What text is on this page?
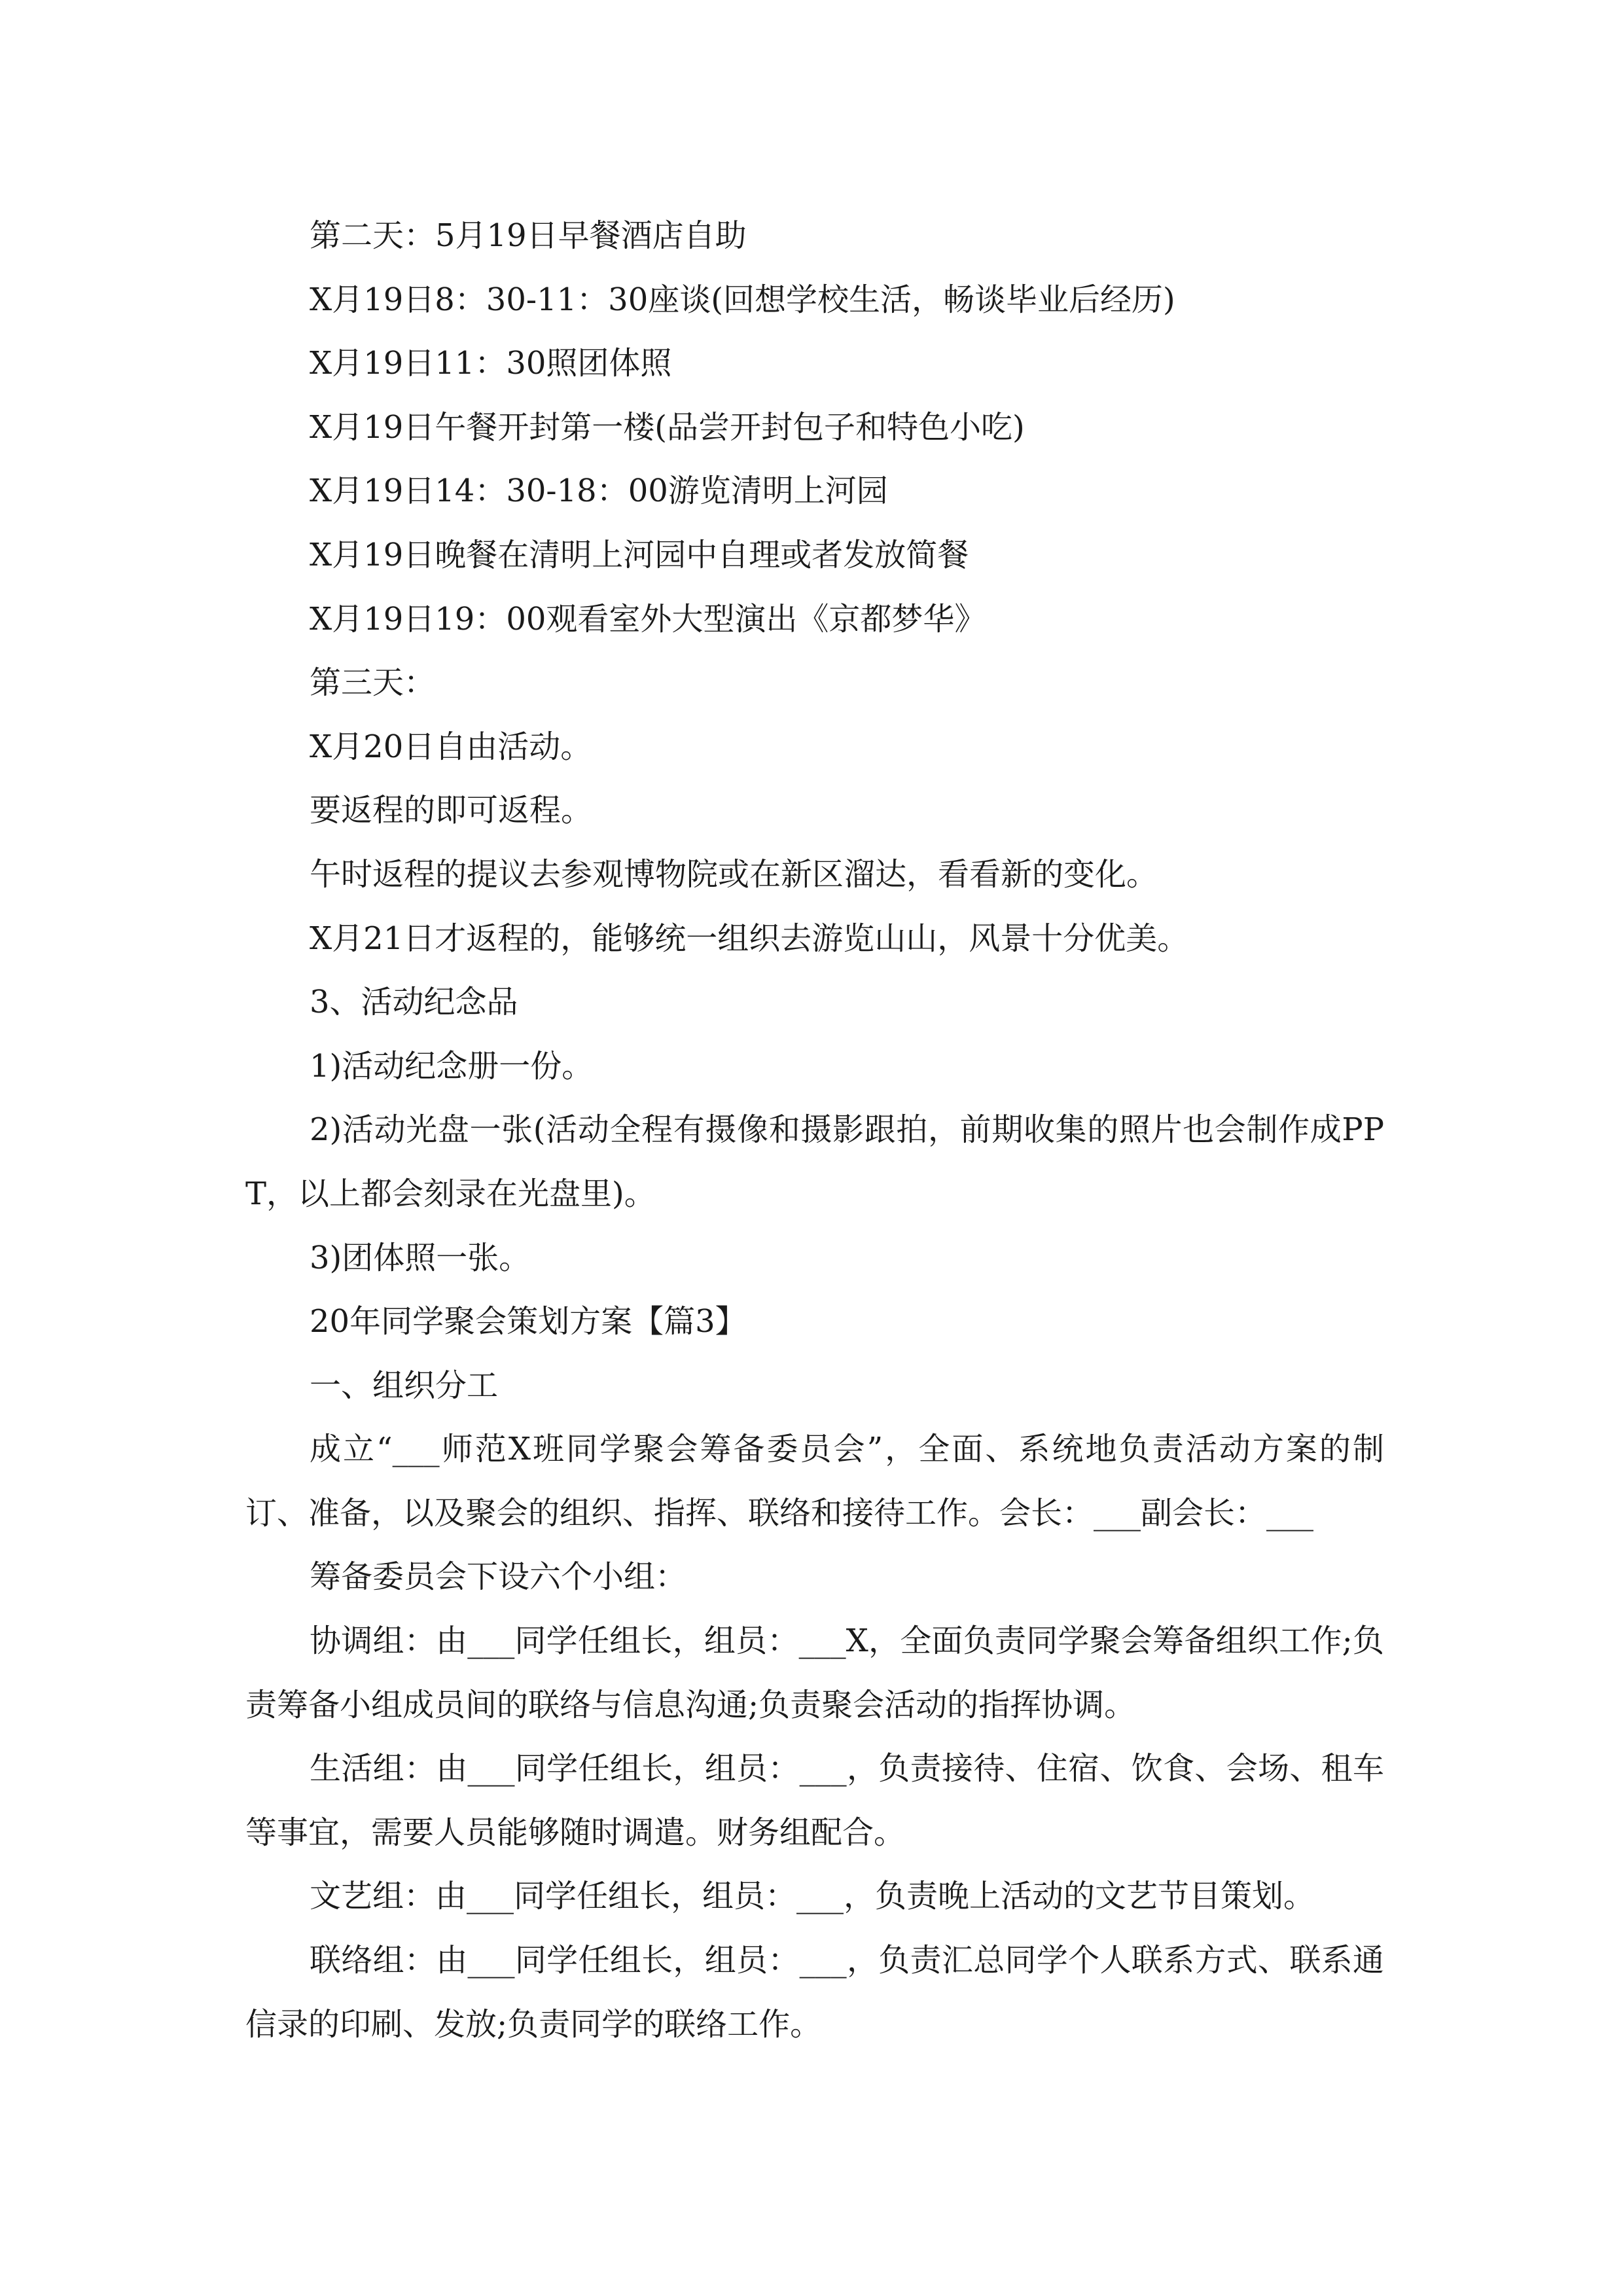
第二天：5月19日早餐酒店自助

X月19日8：30-11：30座谈(回想学校生活，畅谈毕业后经历)

X月19日11：30照团体照

X月19日午餐开封第一楼(品尝开封包子和特色小吃)

X月19日14：30-18：00游览清明上河园

X月19日晚餐在清明上河园中自理或者发放简餐

X月19日19：00观看室外大型演出《京都梦华》

第三天：

X月20日自由活动。

要返程的即可返程。

午时返程的提议去参观博物院或在新区溜达，看看新的变化。

X月21日才返程的，能够统一组织去游览山山，风景十分优美。

3、活动纪念品

1)活动纪念册一份。

2)活动光盘一张(活动全程有摄像和摄影跟拍，前期收集的照片也会制作成PPT，以上都会刻录在光盘里)。

3)团体照一张。

20年同学聚会策划方案【篇3】

一、组织分工

成立“___师范X班同学聚会筹备委员会”，全面、系统地负责活动方案的制订、准备，以及聚会的组织、指挥、联络和接待工作。会长：___副会长：___

筹备委员会下设六个小组：

协调组：由___同学任组长，组员：___X，全面负责同学聚会筹备组织工作;负责筹备小组成员间的联络与信息沟通;负责聚会活动的指挥协调。

生活组：由___同学任组长，组员：___，负责接待、住宿、饮食、会场、租车等事宜，需要人员能够随时调遣。财务组配合。

文艺组：由___同学任组长，组员：___，负责晚上活动的文艺节目策划。

联络组：由___同学任组长，组员：___，负责汇总同学个人联系方式、联系通信录的印刷、发放;负责同学的联络工作。
